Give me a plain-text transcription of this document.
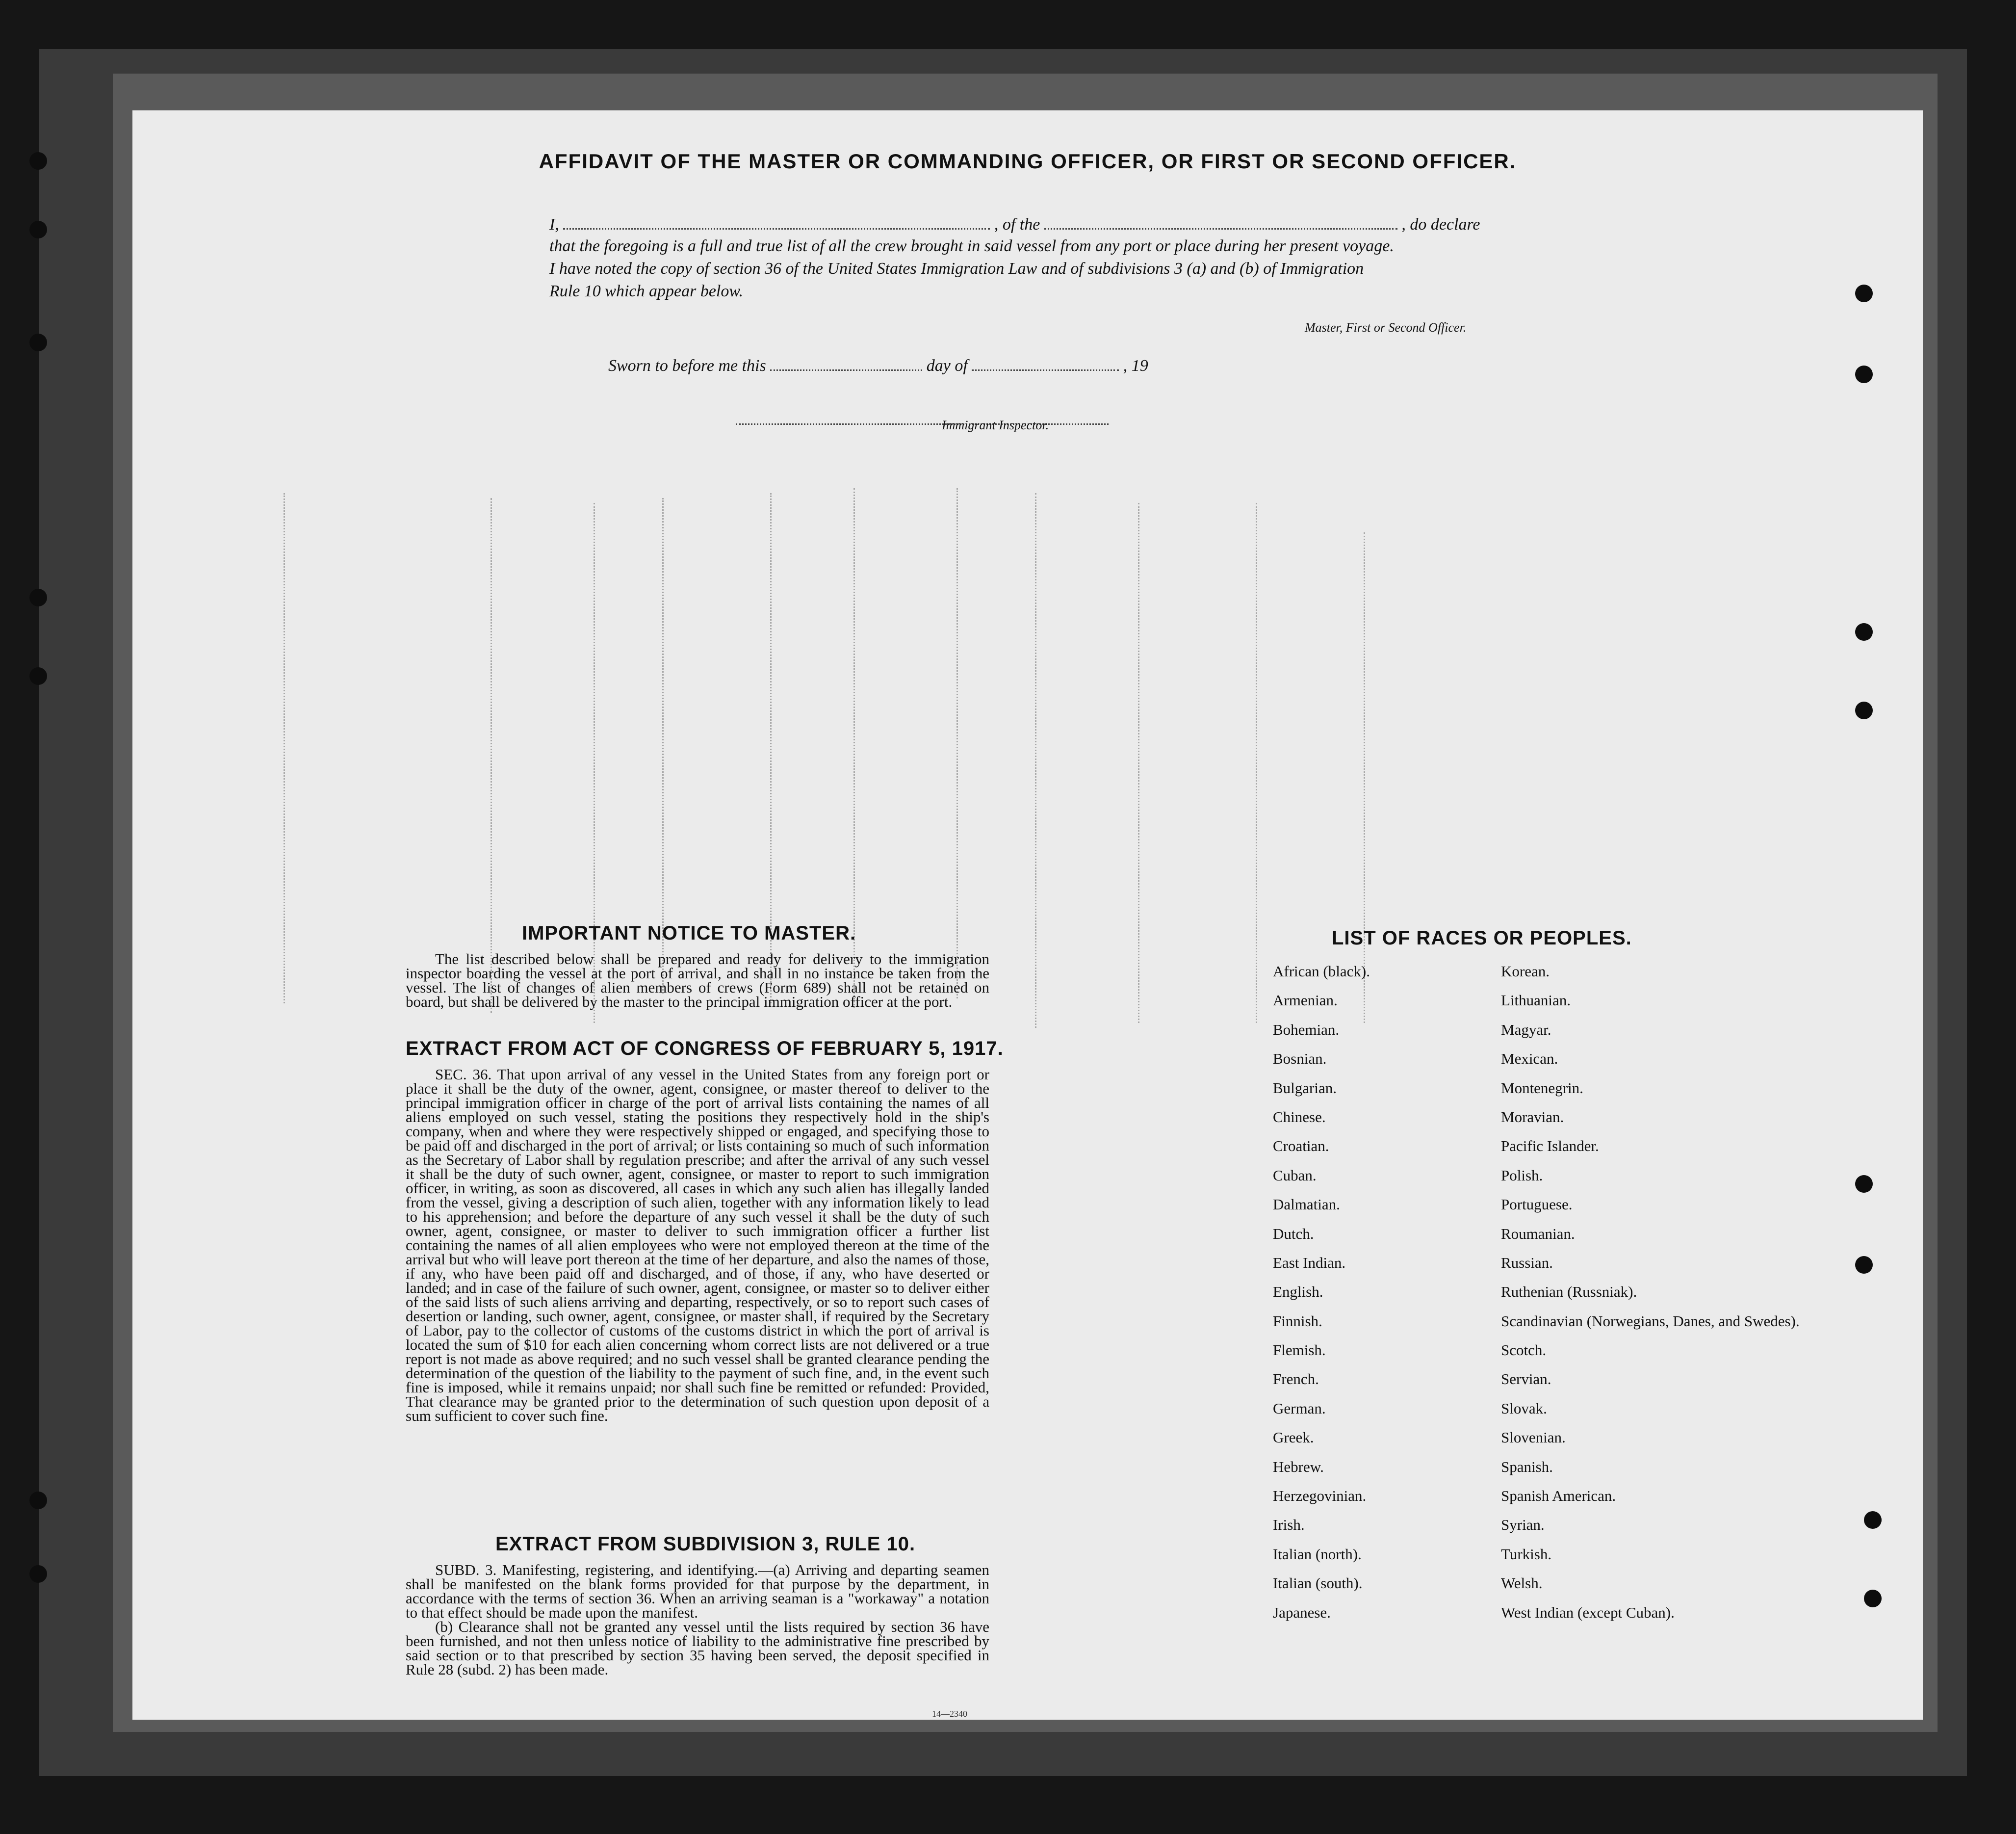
AFFIDAVIT OF THE MASTER OR COMMANDING OFFICER, OR FIRST OR SECOND OFFICER.
I,	, of the	, do declare
that the foregoing is a full and true list of all the crew brought in said vessel from any port or place during her present voyage.
I have noted the copy of section 36 of the United States Immigration Law and of subdivisions 3 (a) and (b) of Immigration
Rule 10 which appear below.
Master, First or Second Officer.
Sworn to before me this	day of	, 19
Immigrant Inspector.
IMPORTANT NOTICE TO MASTER.

The list described below shall be prepared and ready for delivery to the immigration inspector boarding the vessel at the port of arrival, and shall in no instance be taken from the vessel. The list of changes of alien members of crews (Form 689) shall not be retained on board, but shall be delivered by the master to the principal immigration officer at the port.

EXTRACT FROM ACT OF CONGRESS OF FEBRUARY 5, 1917.

SEC. 36. That upon arrival of any vessel in the United States from any foreign port or place it shall be the duty of the owner, agent, consignee, or master thereof to deliver to the principal immigration officer in charge of the port of arrival lists containing the names of all aliens employed on such vessel, stating the positions they respectively hold in the ship's company, when and where they were respectively shipped or engaged, and specifying those to be paid off and discharged in the port of arrival; or lists containing so much of such information as the Secretary of Labor shall by regulation prescribe; and after the arrival of any such vessel it shall be the duty of such owner, agent, consignee, or master to report to such immigration officer, in writing, as soon as discovered, all cases in which any such alien has illegally landed from the vessel, giving a description of such alien, together with any information likely to lead to his apprehension; and before the departure of any such vessel it shall be the duty of such owner, agent, consignee, or master to deliver to such immigration officer a further list containing the names of all alien employees who were not employed thereon at the time of the arrival but who will leave port thereon at the time of her departure, and also the names of those, if any, who have been paid off and discharged, and of those, if any, who have deserted or landed; and in case of the failure of such owner, agent, consignee, or master so to deliver either of the said lists of such aliens arriving and departing, respectively, or so to report such cases of desertion or landing, such owner, agent, consignee, or master shall, if required by the Secretary of Labor, pay to the collector of customs of the customs district in which the port of arrival is located the sum of $10 for each alien concerning whom correct lists are not delivered or a true report is not made as above required; and no such vessel shall be granted clearance pending the determination of the question of the liability to the payment of such fine, and, in the event such fine is imposed, while it remains unpaid; nor shall such fine be remitted or refunded: Provided, That clearance may be granted prior to the determination of such question upon deposit of a sum sufficient to cover such fine.

EXTRACT FROM SUBDIVISION 3, RULE 10.

SUBD. 3. Manifesting, registering, and identifying.—(a) Arriving and departing seamen shall be manifested on the blank forms provided for that purpose by the department, in accordance with the terms of section 36. When an arriving seaman is a "workaway" a notation to that effect should be made upon the manifest.

(b) Clearance shall not be granted any vessel until the lists required by section 36 have been furnished, and not then unless notice of liability to the administrative fine prescribed by said section or to that prescribed by section 35 having been served, the deposit specified in Rule 28 (subd. 2) has been made.

14—2340
LIST OF RACES OR PEOPLES.
African (black).
Armenian.
Bohemian.
Bosnian.
Bulgarian.
Chinese.
Croatian.
Cuban.
Dalmatian.
Dutch.
East Indian.
English.
Finnish.
Flemish.
French.
German.
Greek.
Hebrew.
Herzegovinian.
Irish.
Italian (north).
Italian (south).
Japanese.
Korean.
Lithuanian.
Magyar.
Mexican.
Montenegrin.
Moravian.
Pacific Islander.
Polish.
Portuguese.
Roumanian.
Russian.
Ruthenian (Russniak).
Scandinavian (Norwegians, Danes, and Swedes).
Scotch.
Servian.
Slovak.
Slovenian.
Spanish.
Spanish American.
Syrian.
Turkish.
Welsh.
West Indian (except Cuban).
